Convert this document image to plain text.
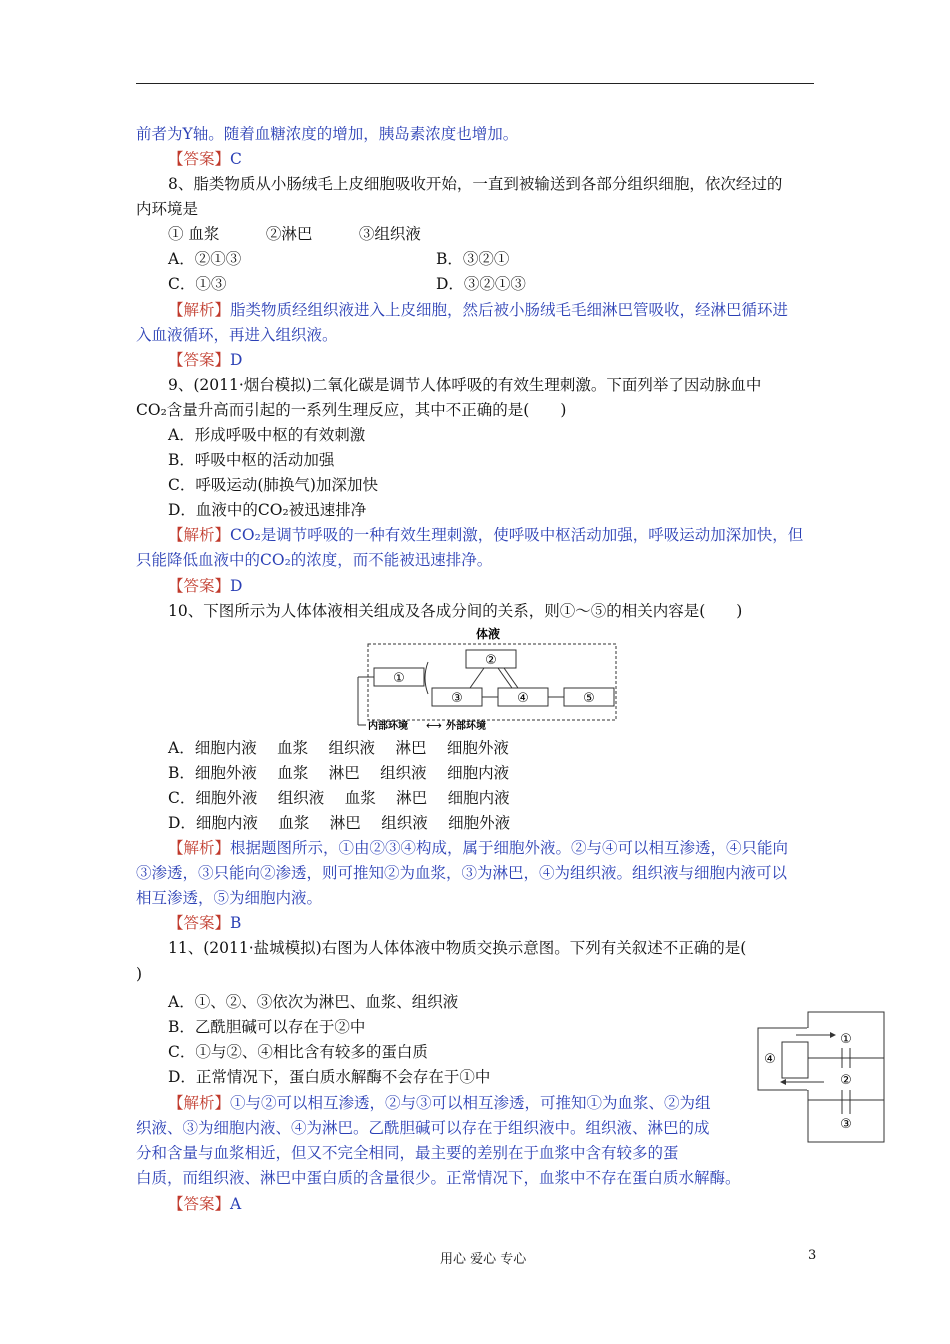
前者为Y轴。随着血糖浓度的增加，胰岛素浓度也增加。
【答案】C
8、脂类物质从小肠绒毛上皮细胞吸收开始，一直到被输送到各部分组织细胞，依次经过的
内环境是
① 血浆　　　②淋巴　　　③组织液
A．②①③	B．③②①
C．①③	D．③②①③
【解析】脂类物质经组织液进入上皮细胞，然后被小肠绒毛毛细淋巴管吸收，经淋巴循环进
入血液循环，再进入组织液。
【答案】D
9、(2011·烟台模拟)二氧化碳是调节人体呼吸的有效生理刺激。下面列举了因动脉血中
CO₂含量升高而引起的一系列生理反应，其中不正确的是(　　)
A．形成呼吸中枢的有效刺激
B．呼吸中枢的活动加强
C．呼吸运动(肺换气)加深加快
D．血液中的CO₂被迅速排净
【解析】CO₂是调节呼吸的一种有效生理刺激，使呼吸中枢活动加强，呼吸运动加深加快，但
只能降低血液中的CO₂的浓度，而不能被迅速排净。
【答案】D
10、下图所示为人体体液相关组成及各成分间的关系，则①～⑤的相关内容是(　　)
体液
①
②
③	④	⑤
内部环境 ⟷ 外部环境
A．细胞内液　 血浆　 组织液　 淋巴　 细胞外液
B．细胞外液　 血浆　 淋巴　 组织液　 细胞内液
C．细胞外液　 组织液　 血浆　 淋巴　 细胞内液
D．细胞内液　 血浆　 淋巴　 组织液　 细胞外液
【解析】根据题图所示，①由②③④构成，属于细胞外液。②与④可以相互渗透，④只能向
③渗透，③只能向②渗透，则可推知②为血浆，③为淋巴，④为组织液。组织液与细胞内液可以
相互渗透，⑤为细胞内液。
【答案】B
11、(2011·盐城模拟)右图为人体体液中物质交换示意图。下列有关叙述不正确的是(
)
A．①、②、③依次为淋巴、血浆、组织液
B．乙酰胆碱可以存在于②中
C．①与②、④相比含有较多的蛋白质
D．正常情况下，蛋白质水解酶不会存在于①中
④
①
②
③
【解析】①与②可以相互渗透，②与③可以相互渗透，可推知①为血浆、②为组
织液、③为细胞内液、④为淋巴。乙酰胆碱可以存在于组织液中。组织液、淋巴的成
分和含量与血浆相近，但又不完全相同，最主要的差别在于血浆中含有较多的蛋
白质，而组织液、淋巴中蛋白质的含量很少。正常情况下，血浆中不存在蛋白质水解酶。
【答案】A
用心 爱心 专心	3
